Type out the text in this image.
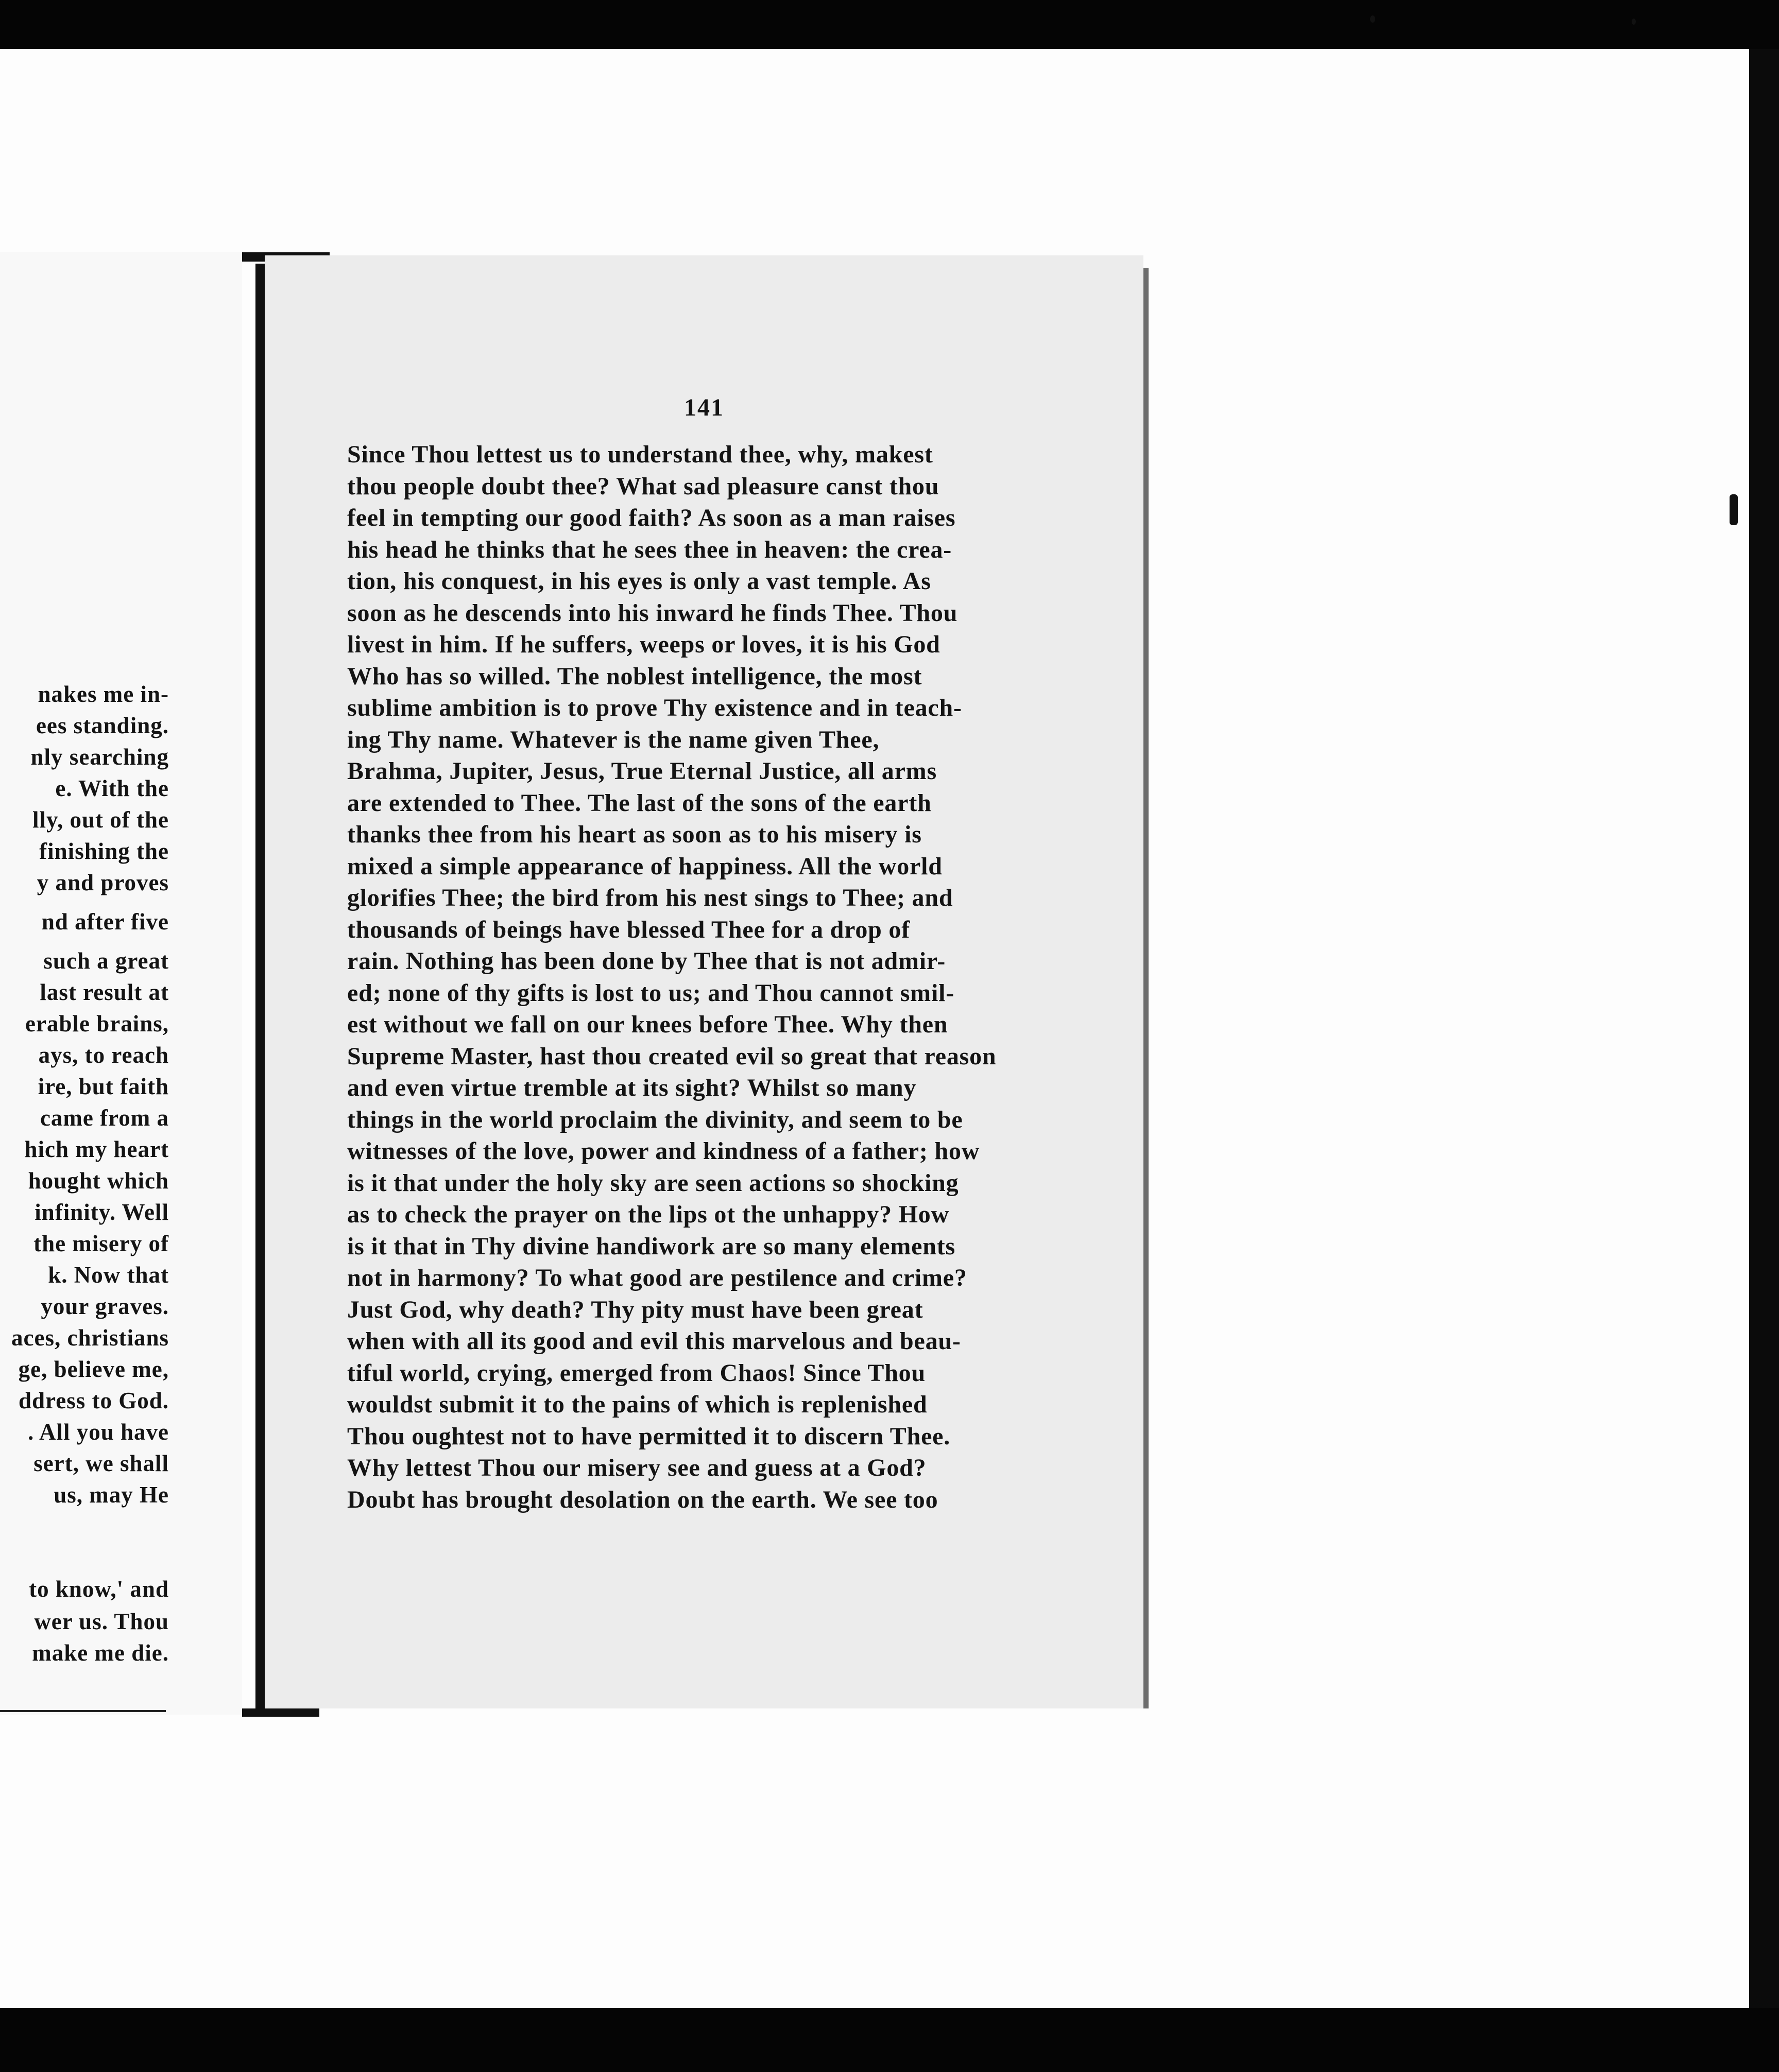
nakes me in-
ees standing.
nly searching
e. With the
lly, out of the
finishing the
y and proves
nd after five
such a great
last result at
erable brains,
ays, to reach
ire, but faith
came from a
hich my heart
hought which
infinity. Well
the misery of
k. Now that
your graves.
aces, christians
ge, believe me,
ddress to God.
. All you have
sert, we shall
us, may He
to know,' and
wer us. Thou
make me die.
141
Since Thou lettest us to understand thee, why, makest
thou people doubt thee? What sad pleasure canst thou
feel in tempting our good faith? As soon as a man raises
his head he thinks that he sees thee in heaven: the crea-
tion, his conquest, in his eyes is only a vast temple. As
soon as he descends into his inward he finds Thee. Thou
livest in him. If he suffers, weeps or loves, it is his God
Who has so willed. The noblest intelligence, the most
sublime ambition is to prove Thy existence and in teach-
ing Thy name. Whatever is the name given Thee,
Brahma, Jupiter, Jesus, True Eternal Justice, all arms
are extended to Thee. The last of the sons of the earth
thanks thee from his heart as soon as to his misery is
mixed a simple appearance of happiness. All the world
glorifies Thee; the bird from his nest sings to Thee; and
thousands of beings have blessed Thee for a drop of
rain. Nothing has been done by Thee that is not admir-
ed; none of thy gifts is lost to us; and Thou cannot smil-
est without we fall on our knees before Thee. Why then
Supreme Master, hast thou created evil so great that reason
and even virtue tremble at its sight? Whilst so many
things in the world proclaim the divinity, and seem to be
witnesses of the love, power and kindness of a father; how
is it that under the holy sky are seen actions so shocking
as to check the prayer on the lips ot the unhappy? How
is it that in Thy divine handiwork are so many elements
not in harmony? To what good are pestilence and crime?
Just God, why death? Thy pity must have been great
when with all its good and evil this marvelous and beau-
tiful world, crying, emerged from Chaos! Since Thou
wouldst submit it to the pains of which is replenished
Thou oughtest not to have permitted it to discern Thee.
Why lettest Thou our misery see and guess at a God?
Doubt has brought desolation on the earth. We see too
